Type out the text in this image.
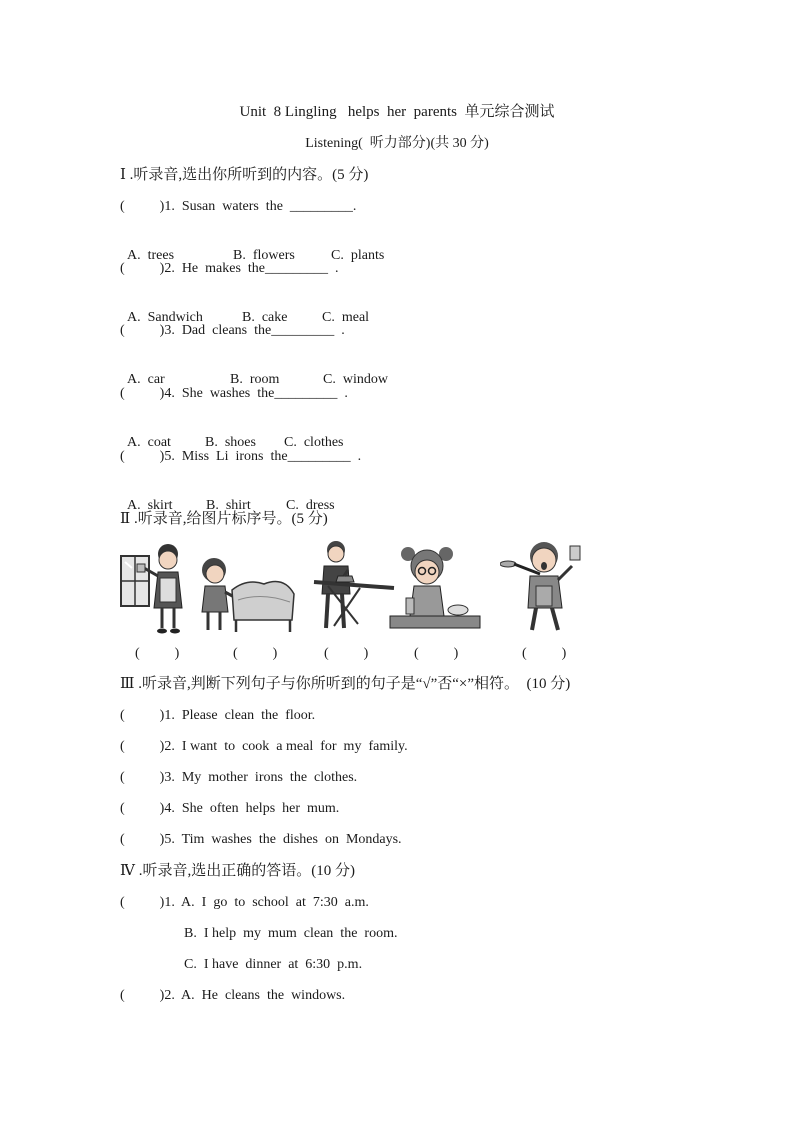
Unit  8 Lingling   helps  her  parents  单元综合测试
Listening(  听力部分)(共 30 分)
Ⅰ .听录音,选出你所听到的内容。(5 分)
(          )1.  Susan  waters  the  _________.

A.  trees	B.  flowers	C.  plants

(          )2.  He  makes  the_________  .

A.  Sandwich	B.  cake C.  meal

(          )3.  Dad  cleans  the_________  .

A.  car	B.  room	C.  window

(          )4.  She  washes  the_________  .

A.  coat B.  shoes C.  clothes

(          )5.  Miss  Li  irons  the_________  .

A.  skirt B.  shirt	C.  dress

Ⅱ .听录音,给图片标序号。(5 分)
(          )	(          )	(          )	(          )	(          )
Ⅲ .听录音,判断下列句子与你所听到的句子是“√”否“×”相符。  (10 分)
(          )1.  Please  clean  the  floor.
(          )2.  I want  to  cook  a meal  for  my  family.
(          )3.  My  mother  irons  the  clothes.
(          )4.  She  often  helps  her  mum.
(          )5.  Tim  washes  the  dishes  on  Mondays.
Ⅳ .听录音,选出正确的答语。(10 分)
(          )1.  A.  I  go  to  school  at  7:30  a.m.
B.  I help  my  mum  clean  the  room.
C.  I have  dinner  at  6:30  p.m.
(          )2.  A.  He  cleans  the  windows.
